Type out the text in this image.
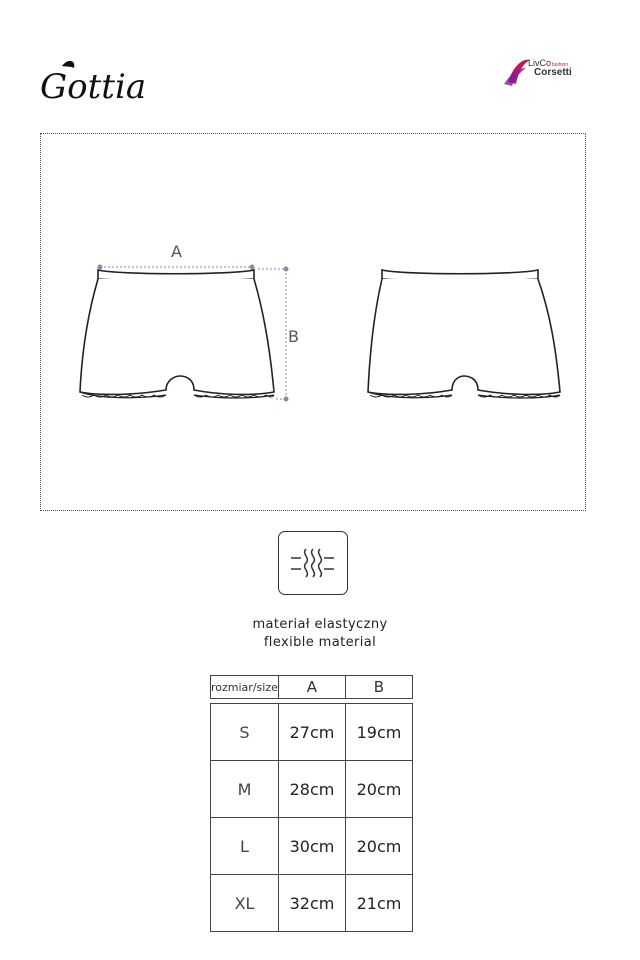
Gottia
LivCo fashion
Corsetti
A
B
materiał elastyczny
flexible material
rozmiar/size	A	B
S	27cm	19cm
M	28cm	20cm
L	30cm	20cm
XL	32cm	21cm
